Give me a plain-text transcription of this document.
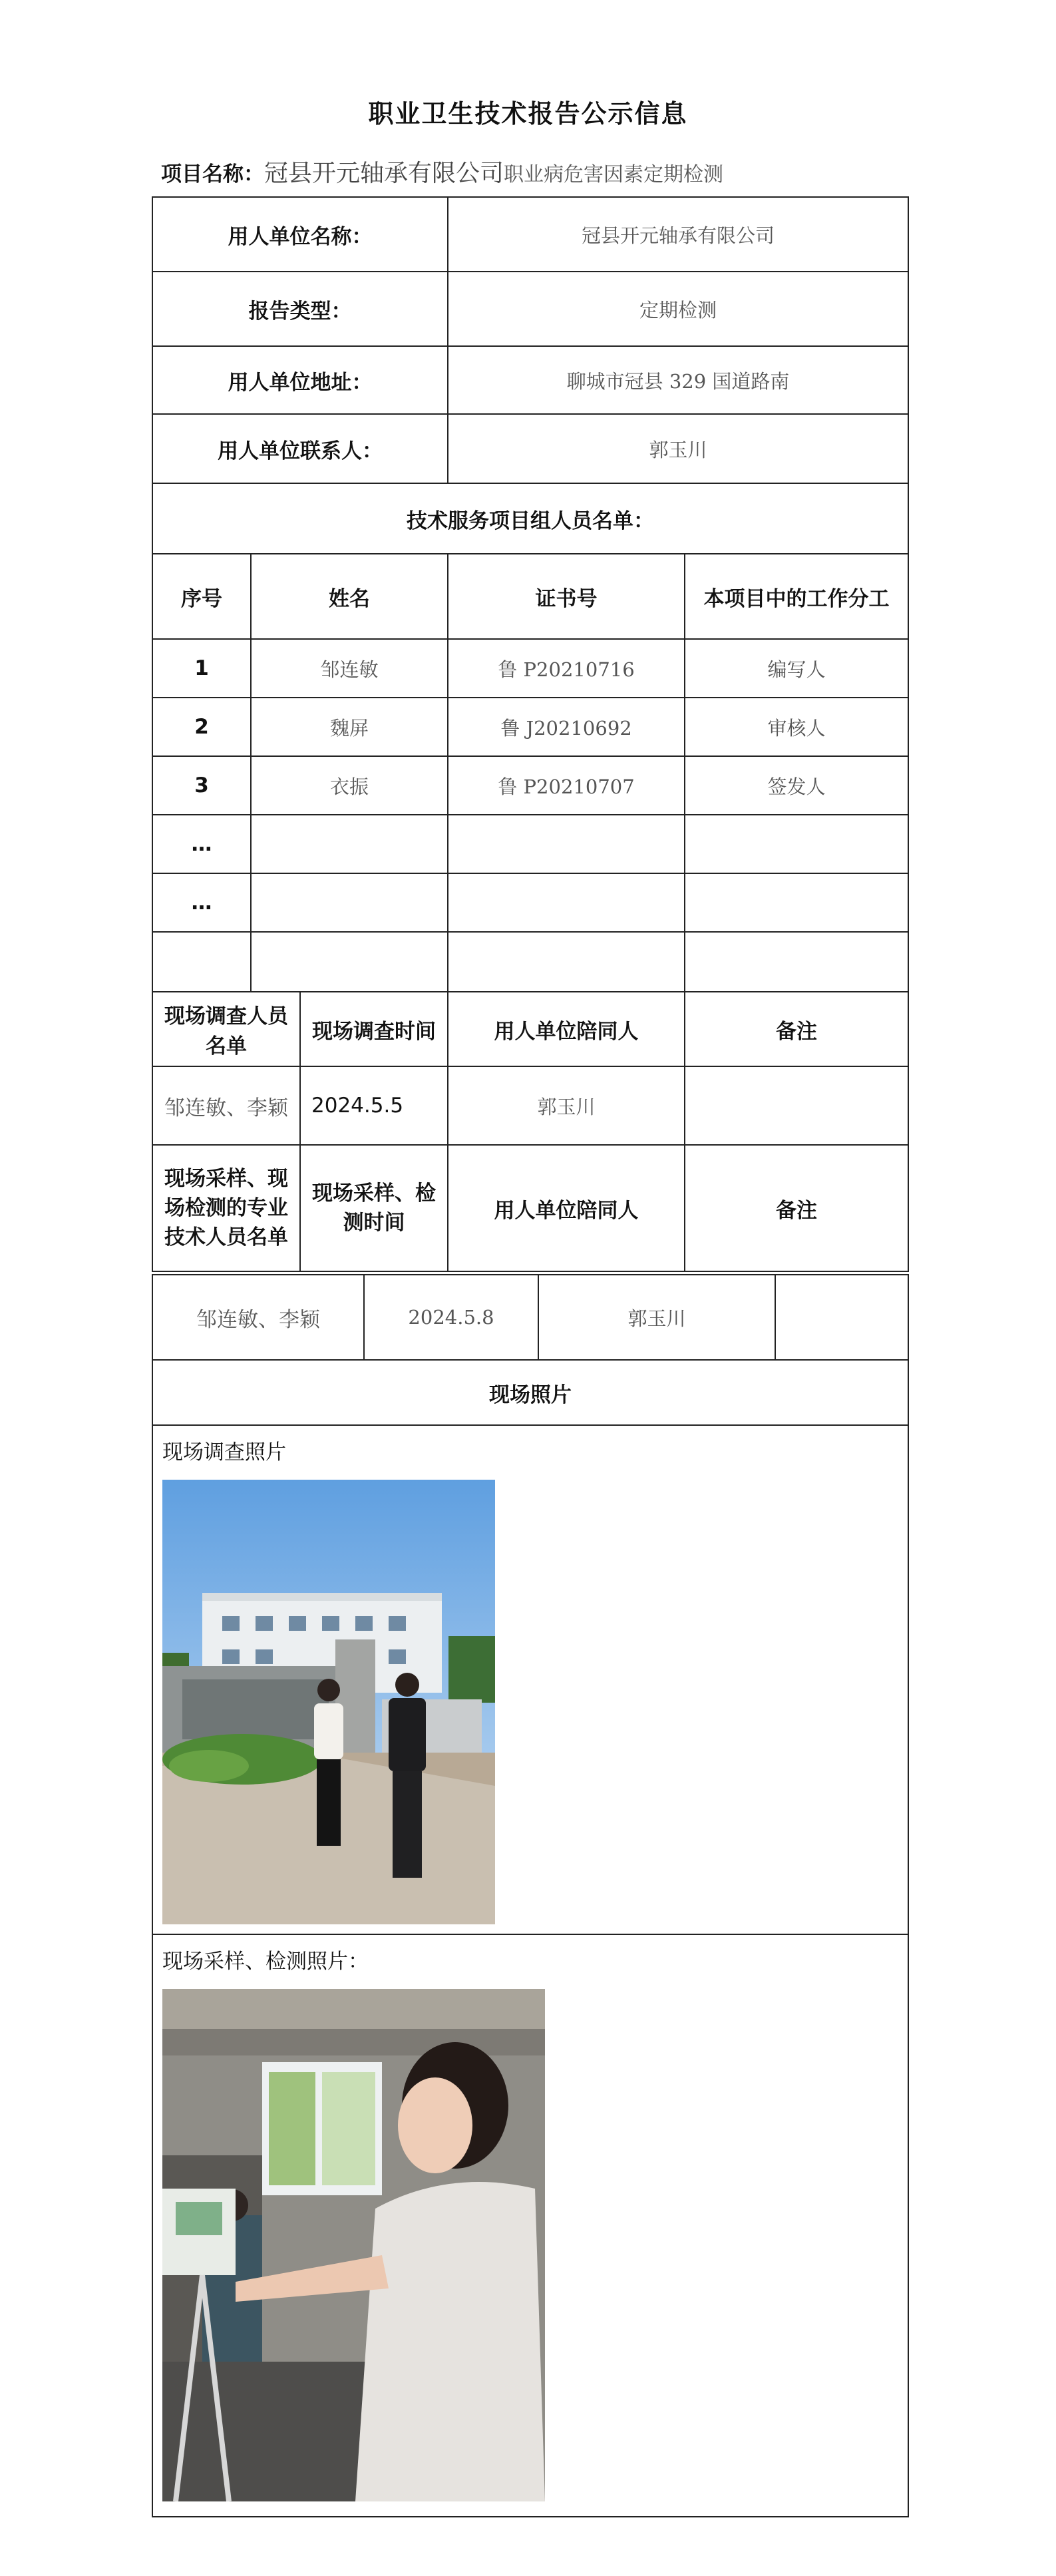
职业卫生技术报告公示信息
项目名称：冠县开元轴承有限公司职业病危害因素定期检测
用人单位名称：			冠县开元轴承有限公司	
报告类型：			定期检测	
用人单位地址：			聊城市冠县 329 国道路南	
用人单位联系人：			郭玉川	
技术服务项目组人员名单：				
序号	姓名		证书号	本项目中的工作分工
1	邹连敏		鲁 P20210716	编写人
2	魏屏		鲁 J20210692	审核人
3	衣振		鲁 P20210707	签发人
…				
…				

现场调查人员名单		现场调查时间	用人单位陪同人	备注
邹连敏、李颖		2024.5.5	郭玉川	
现场采样、现场检测的专业技术人员名单		现场采样、检测时间	用人单位陪同人	备注
邹连敏、李颖	2024.5.8	郭玉川	
现场照片

现场调查照片

现场采样、检测照片：
